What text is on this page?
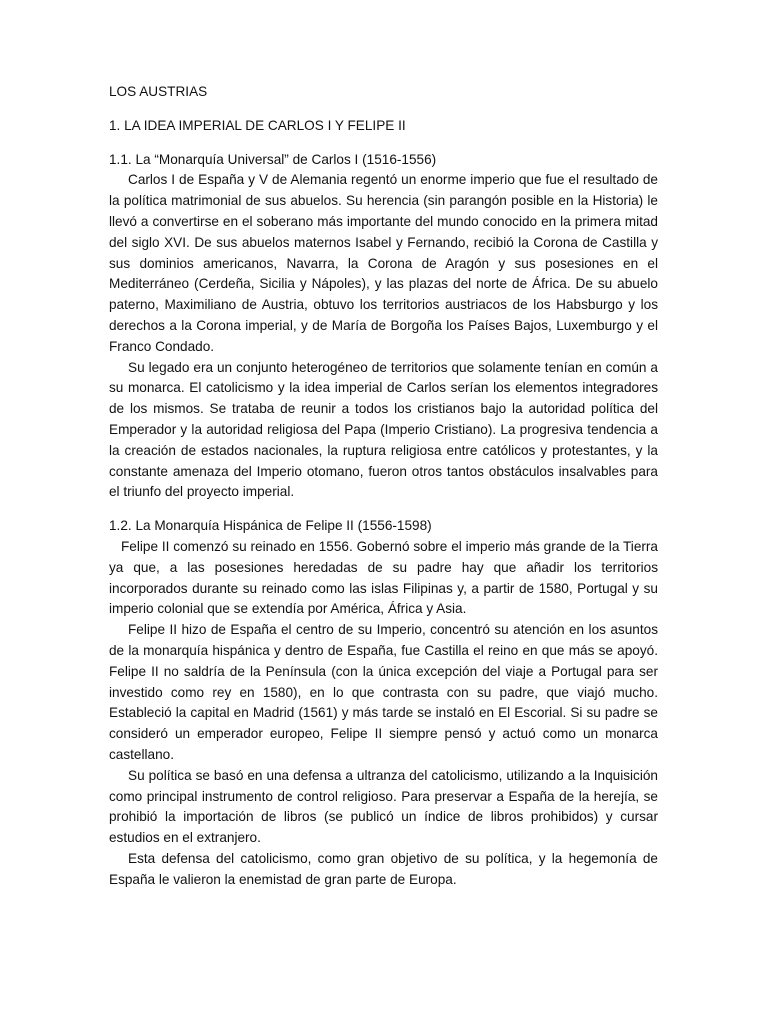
LOS AUSTRIAS

1. LA IDEA IMPERIAL DE CARLOS I Y FELIPE II

1.1. La “Monarquía Universal” de Carlos I (1516-1556)

Carlos I de España y V de Alemania regentó un enorme imperio que fue el resultado de la política matrimonial de sus abuelos. Su herencia (sin parangón posible en la Historia) le llevó a convertirse en el soberano más importante del mundo conocido en la primera mitad del siglo XVI. De sus abuelos maternos Isabel y Fernando, recibió la Corona de Castilla y sus dominios americanos, Navarra, la Corona de Aragón y sus posesiones en el Mediterráneo (Cerdeña, Sicilia y Nápoles), y las plazas del norte de África. De su abuelo paterno, Maximiliano de Austria, obtuvo los territorios austriacos de los Habsburgo y los derechos a la Corona imperial, y de María de Borgoña los Países Bajos, Luxemburgo y el Franco Condado.

Su legado era un conjunto heterogéneo de territorios que solamente tenían en común a su monarca. El catolicismo y la idea imperial de Carlos serían los elementos integradores de los mismos. Se trataba de reunir a todos los cristianos bajo la autoridad política del Emperador y la autoridad religiosa del Papa (Imperio Cristiano). La progresiva tendencia a la creación de estados nacionales, la ruptura religiosa entre católicos y protestantes, y la constante amenaza del Imperio otomano, fueron otros tantos obstáculos insalvables para el triunfo del proyecto imperial.

1.2. La Monarquía Hispánica de Felipe II (1556-1598)

Felipe II comenzó su reinado en 1556. Gobernó sobre el imperio más grande de la Tierra ya que, a las posesiones heredadas de su padre hay que añadir los territorios incorporados durante su reinado como las islas Filipinas y, a partir de 1580, Portugal y su imperio colonial que se extendía por América, África y Asia.

Felipe II hizo de España el centro de su Imperio, concentró su atención en los asuntos de la monarquía hispánica y dentro de España, fue Castilla el reino en que más se apoyó. Felipe II no saldría de la Península (con la única excepción del viaje a Portugal para ser investido como rey en 1580), en lo que contrasta con su padre, que viajó mucho. Estableció la capital en Madrid (1561) y más tarde se instaló en El Escorial. Si su padre se consideró un emperador europeo, Felipe II siempre pensó y actuó como un monarca castellano.

Su política se basó en una defensa a ultranza del catolicismo, utilizando a la Inquisición como principal instrumento de control religioso. Para preservar a España de la herejía, se prohibió la importación de libros (se publicó un índice de libros prohibidos) y cursar estudios en el extranjero.

Esta defensa del catolicismo, como gran objetivo de su política, y la hegemonía de España le valieron la enemistad de gran parte de Europa.
